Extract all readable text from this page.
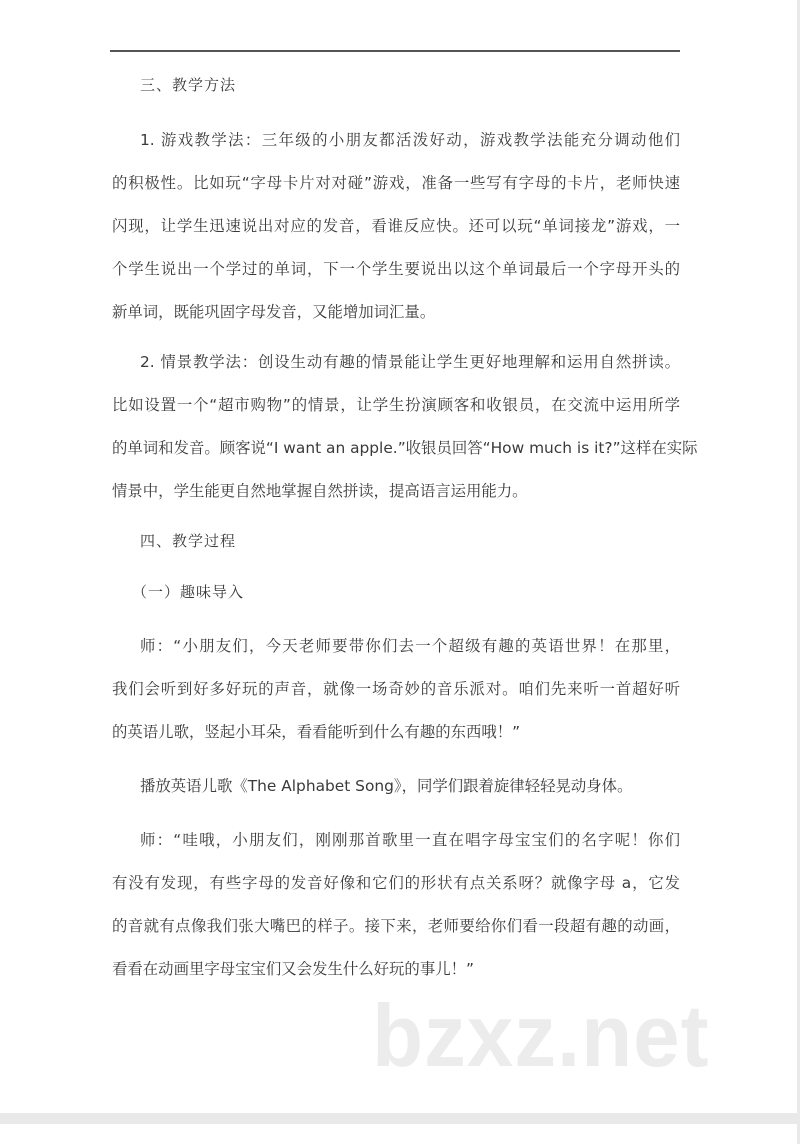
三、教学方法
1. 游戏教学法：三年级的小朋友都活泼好动，游戏教学法能充分调动他们
的积极性。比如玩“字母卡片对对碰”游戏，准备一些写有字母的卡片，老师快速
闪现，让学生迅速说出对应的发音，看谁反应快。还可以玩“单词接龙”游戏，一
个学生说出一个学过的单词，下一个学生要说出以这个单词最后一个字母开头的
新单词，既能巩固字母发音，又能增加词汇量。
2. 情景教学法：创设生动有趣的情景能让学生更好地理解和运用自然拼读。
比如设置一个“超市购物”的情景，让学生扮演顾客和收银员，在交流中运用所学
的单词和发音。顾客说“I want an apple.”收银员回答“How much is it?”这样在实际
情景中，学生能更自然地掌握自然拼读，提高语言运用能力。
四、教学过程
（一）趣味导入
师：“小朋友们，今天老师要带你们去一个超级有趣的英语世界！在那里，
我们会听到好多好玩的声音，就像一场奇妙的音乐派对。咱们先来听一首超好听
的英语儿歌，竖起小耳朵，看看能听到什么有趣的东西哦！”
播放英语儿歌《The Alphabet Song》，同学们跟着旋律轻轻晃动身体。
师：“哇哦，小朋友们，刚刚那首歌里一直在唱字母宝宝们的名字呢！你们
有没有发现，有些字母的发音好像和它们的形状有点关系呀？就像字母 a，它发
的音就有点像我们张大嘴巴的样子。接下来，老师要给你们看一段超有趣的动画，
看看在动画里字母宝宝们又会发生什么好玩的事儿！”
bzxz.net
